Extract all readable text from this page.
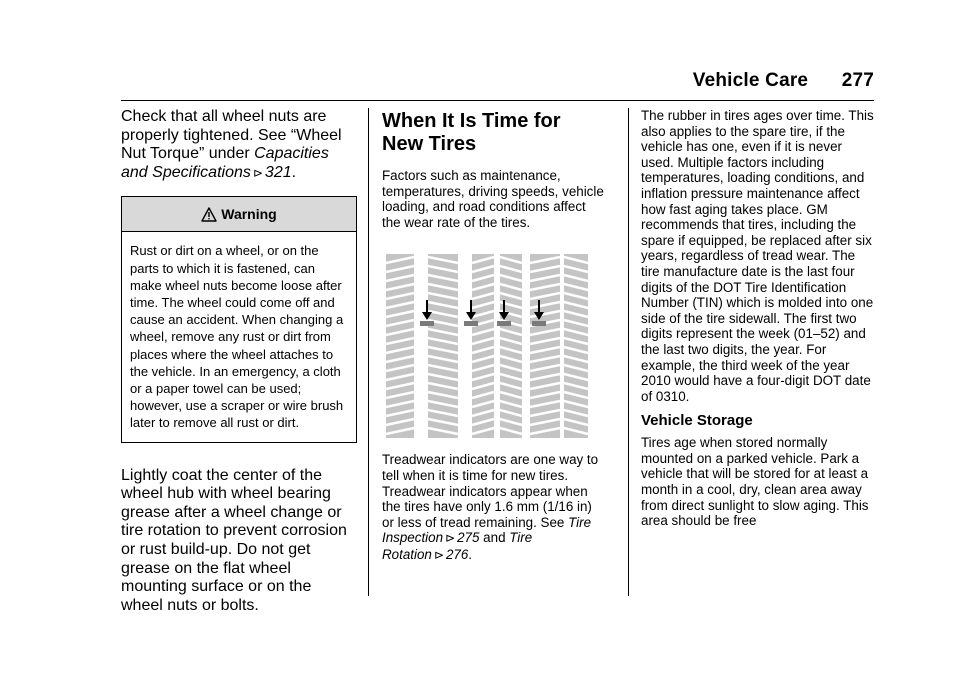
Vehicle Care 277

Check that all wheel nuts are properly tightened. See “Wheel Nut Torque” under Capacities and Specifications ⊳ 321.

Warning
Rust or dirt on a wheel, or on the parts to which it is fastened, can make wheel nuts become loose after time. The wheel could come off and cause an accident. When changing a wheel, remove any rust or dirt from places where the wheel attaches to the vehicle. In an emergency, a cloth or a paper towel can be used; however, use a scraper or wire brush later to remove all rust or dirt.

Lightly coat the center of the wheel hub with wheel bearing grease after a wheel change or tire rotation to prevent corrosion or rust build-up. Do not get grease on the flat wheel mounting surface or on the wheel nuts or bolts.

When It Is Time for New Tires

Factors such as maintenance, temperatures, driving speeds, vehicle loading, and road conditions affect the wear rate of the tires.

Treadwear indicators are one way to tell when it is time for new tires. Treadwear indicators appear when the tires have only 1.6 mm (1/16 in) or less of tread remaining. See Tire Inspection ⊳ 275 and Tire Rotation ⊳ 276.

The rubber in tires ages over time. This also applies to the spare tire, if the vehicle has one, even if it is never used. Multiple factors including temperatures, loading conditions, and inflation pressure maintenance affect how fast aging takes place. GM recommends that tires, including the spare if equipped, be replaced after six years, regardless of tread wear. The tire manufacture date is the last four digits of the DOT Tire Identification Number (TIN) which is molded into one side of the tire sidewall. The first two digits represent the week (01–52) and the last two digits, the year. For example, the third week of the year 2010 would have a four-digit DOT date of 0310.

Vehicle Storage

Tires age when stored normally mounted on a parked vehicle. Park a vehicle that will be stored for at least a month in a cool, dry, clean area away from direct sunlight to slow aging. This area should be free
